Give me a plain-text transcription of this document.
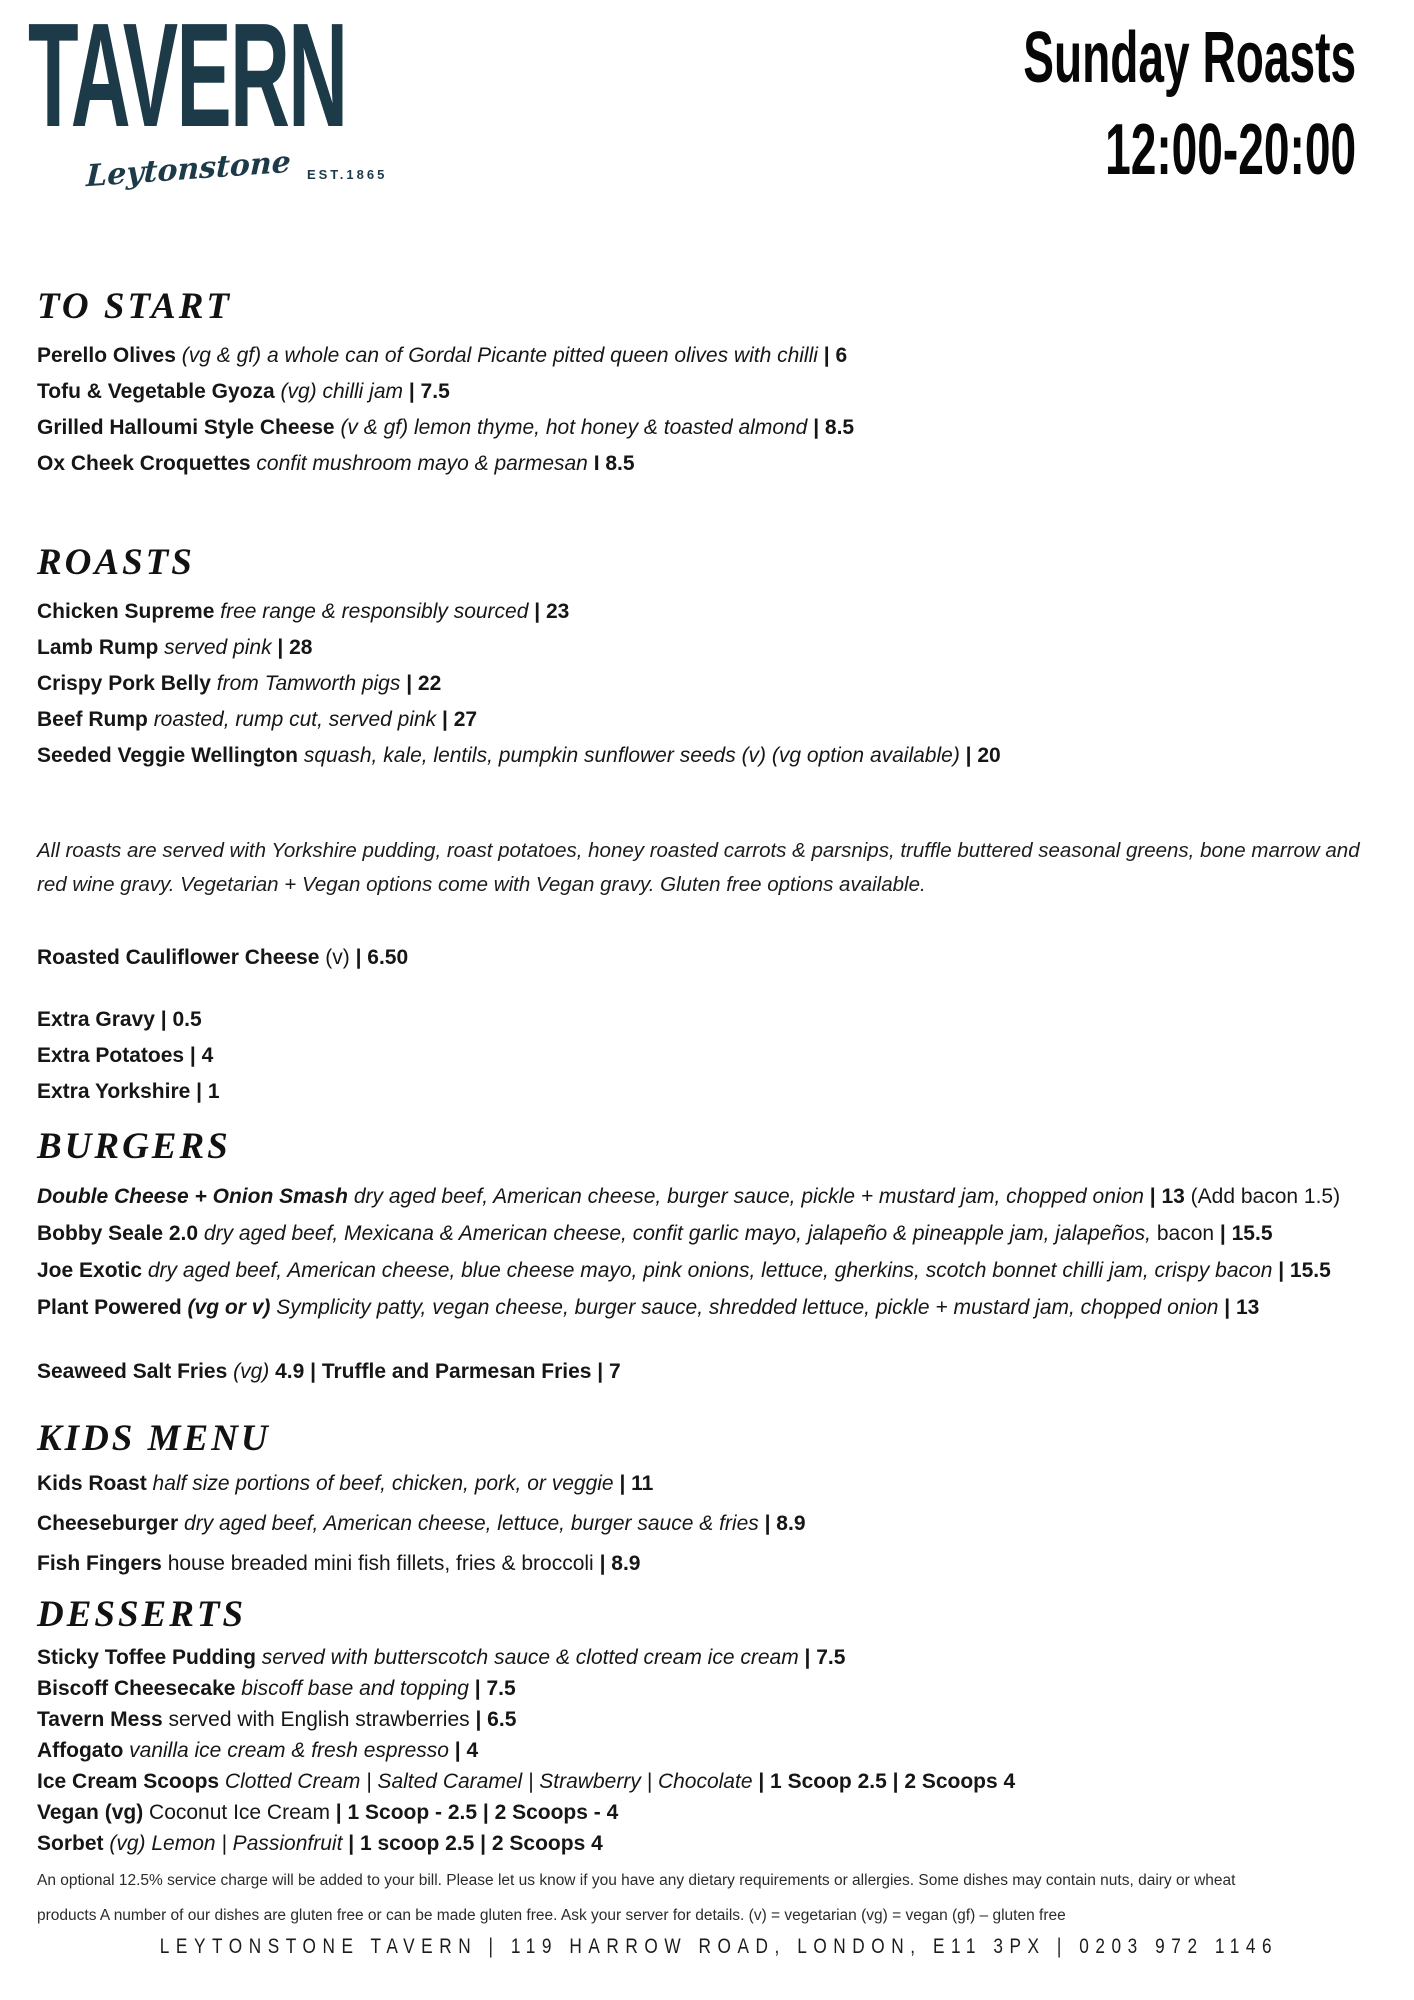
TAVERN
Leytonstone EST.1865
Sunday Roasts
12:00-20:00
TO START

Perello Olives (vg & gf) a whole can of Gordal Picante pitted queen olives with chilli | 6

Tofu & Vegetable Gyoza (vg) chilli jam | 7.5

Grilled Halloumi Style Cheese (v & gf) lemon thyme, hot honey & toasted almond | 8.5

Ox Cheek Croquettes confit mushroom mayo & parmesan I 8.5

ROASTS

Chicken Supreme free range & responsibly sourced | 23

Lamb Rump served pink | 28

Crispy Pork Belly from Tamworth pigs | 22

Beef Rump roasted, rump cut, served pink | 27

Seeded Veggie Wellington squash, kale, lentils, pumpkin sunflower seeds (v) (vg option available) | 20

All roasts are served with Yorkshire pudding, roast potatoes, honey roasted carrots & parsnips, truffle buttered seasonal greens, bone marrow and red wine gravy. Vegetarian + Vegan options come with Vegan gravy. Gluten free options available.

Roasted Cauliflower Cheese (v) | 6.50

Extra Gravy | 0.5

Extra Potatoes | 4

Extra Yorkshire | 1

BURGERS

Double Cheese + Onion Smash dry aged beef, American cheese, burger sauce, pickle + mustard jam, chopped onion | 13 (Add bacon 1.5)

Bobby Seale 2.0 dry aged beef, Mexicana & American cheese, confit garlic mayo, jalapeño & pineapple jam, jalapeños, bacon | 15.5

Joe Exotic dry aged beef, American cheese, blue cheese mayo, pink onions, lettuce, gherkins, scotch bonnet chilli jam, crispy bacon | 15.5

Plant Powered (vg or v) Symplicity patty, vegan cheese, burger sauce, shredded lettuce, pickle + mustard jam, chopped onion | 13

Seaweed Salt Fries (vg) 4.9 | Truffle and Parmesan Fries | 7

KIDS MENU

Kids Roast half size portions of beef, chicken, pork, or veggie | 11

Cheeseburger dry aged beef, American cheese, lettuce, burger sauce & fries | 8.9

Fish Fingers house breaded mini fish fillets, fries & broccoli | 8.9

DESSERTS

Sticky Toffee Pudding served with butterscotch sauce & clotted cream ice cream | 7.5

Biscoff Cheesecake biscoff base and topping | 7.5

Tavern Mess served with English strawberries | 6.5

Affogato vanilla ice cream & fresh espresso | 4

Ice Cream Scoops Clotted Cream | Salted Caramel | Strawberry | Chocolate | 1 Scoop 2.5 | 2 Scoops 4

Vegan (vg) Coconut Ice Cream | 1 Scoop - 2.5 | 2 Scoops - 4

Sorbet (vg) Lemon | Passionfruit | 1 scoop 2.5 | 2 Scoops 4

An optional 12.5% service charge will be added to your bill. Please let us know if you have any dietary requirements or allergies. Some dishes may contain nuts, dairy or wheat

products A number of our dishes are gluten free or can be made gluten free. Ask your server for details. (v) = vegetarian (vg) = vegan (gf) – gluten free

LEYTONSTONE TAVERN | 119 HARROW ROAD, LONDON, E11 3PX | 0203 972 1146
